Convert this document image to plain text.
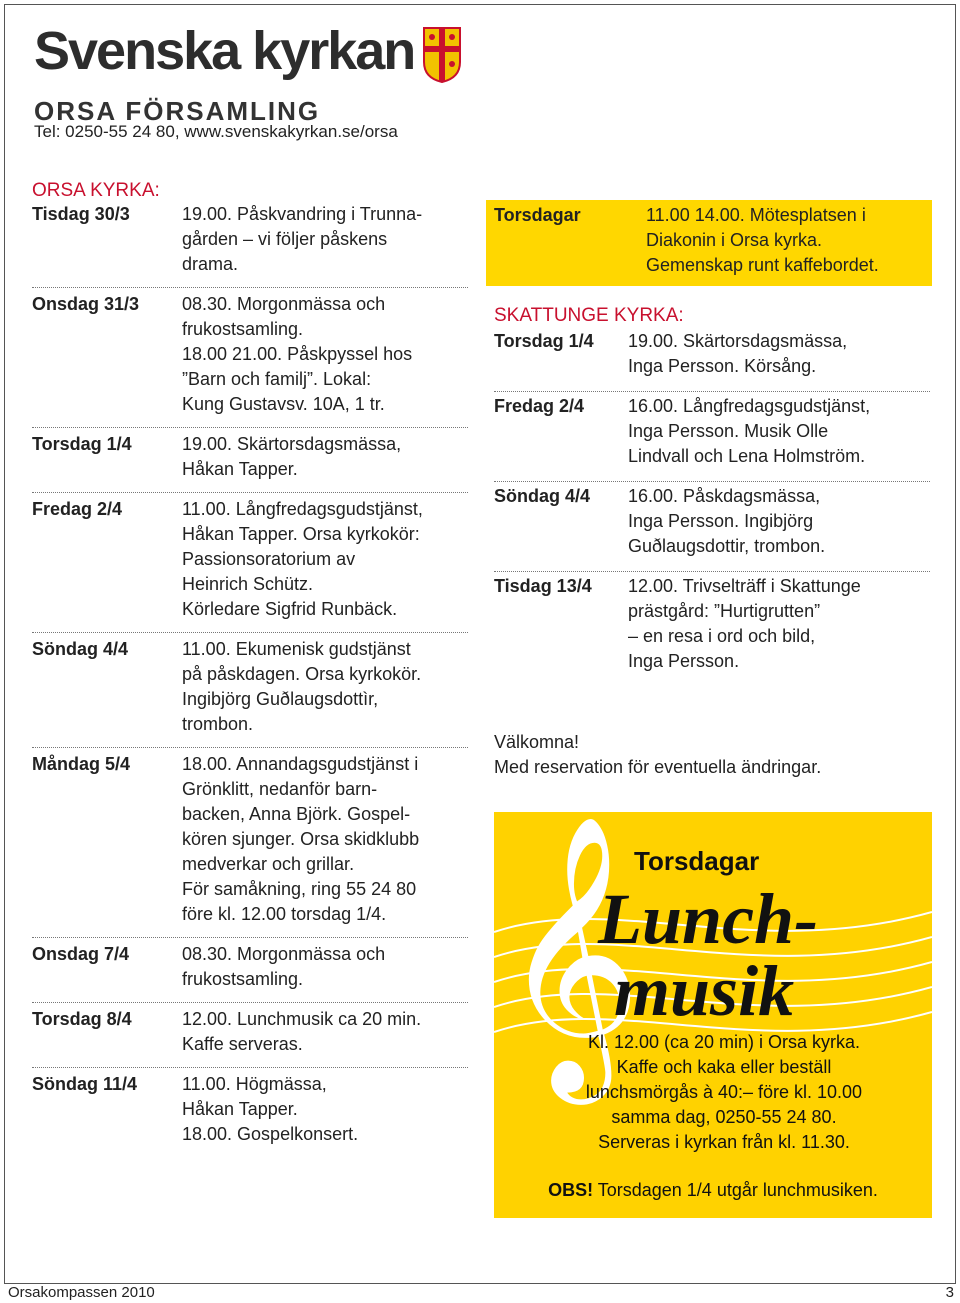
Svenska kyrkan
ORSA FÖRSAMLING
Tel: 0250-55 24 80, www.svenskakyrkan.se/orsa
ORSA KYRKA:
Tisdag 30/3	19.00. Påskvandring i Trunna-
gården – vi följer påskens
drama.
Onsdag 31/3	08.30. Morgonmässa och
frukostsamling.
18.00 21.00. Påskpyssel hos
”Barn och familj”. Lokal:
Kung Gustavsv. 10A, 1 tr.
Torsdag 1/4	19.00. Skärtorsdagsmässa,
Håkan Tapper.
Fredag 2/4	11.00. Långfredagsgudstjänst,
Håkan Tapper. Orsa kyrkokör:
Passionsoratorium av
Heinrich Schütz.
Körledare Sigfrid Runbäck.
Söndag 4/4	11.00. Ekumenisk gudstjänst
på påskdagen. Orsa kyrkokör.
Ingibjörg Guðlaugsdottìr,
trombon.
Måndag 5/4	18.00. Annandagsgudstjänst i
Grönklitt, nedanför barn-
backen, Anna Björk. Gospel-
kören sjunger. Orsa skidklubb
medverkar och grillar.
För samåkning, ring 55 24 80
före kl. 12.00 torsdag 1/4.
Onsdag 7/4	08.30. Morgonmässa och
frukostsamling.
Torsdag 8/4	12.00. Lunchmusik ca 20 min.
Kaffe serveras.
Söndag 11/4	11.00. Högmässa,
Håkan Tapper.
18.00. Gospelkonsert.
Torsdagar	11.00 14.00. Mötesplatsen i
Diakonin i Orsa kyrka.
Gemenskap runt kaffebordet.
SKATTUNGE KYRKA:
Torsdag 1/4	19.00. Skärtorsdagsmässa,
Inga Persson. Körsång.
Fredag 2/4	16.00. Långfredagsgudstjänst,
Inga Persson. Musik Olle
Lindvall och Lena Holmström.
Söndag 4/4	16.00. Påskdagsmässa,
Inga Persson. Ingibjörg
Guðlaugsdottir, trombon.
Tisdag 13/4	12.00. Trivselträff i Skattunge
prästgård: ”Hurtigrutten”
– en resa i ord och bild,
Inga Persson.
Välkomna!
Med reservation för eventuella ändringar.
𝄞
Torsdagar
Lunch-
musik
Kl. 12.00 (ca 20 min) i Orsa kyrka.
Kaffe och kaka eller beställ
lunchsmörgås à 40:– före kl. 10.00
samma dag, 0250-55 24 80.
Serveras i kyrkan från kl. 11.30.
OBS! Torsdagen 1/4 utgår lunchmusiken.
Orsakompassen 2010	3
